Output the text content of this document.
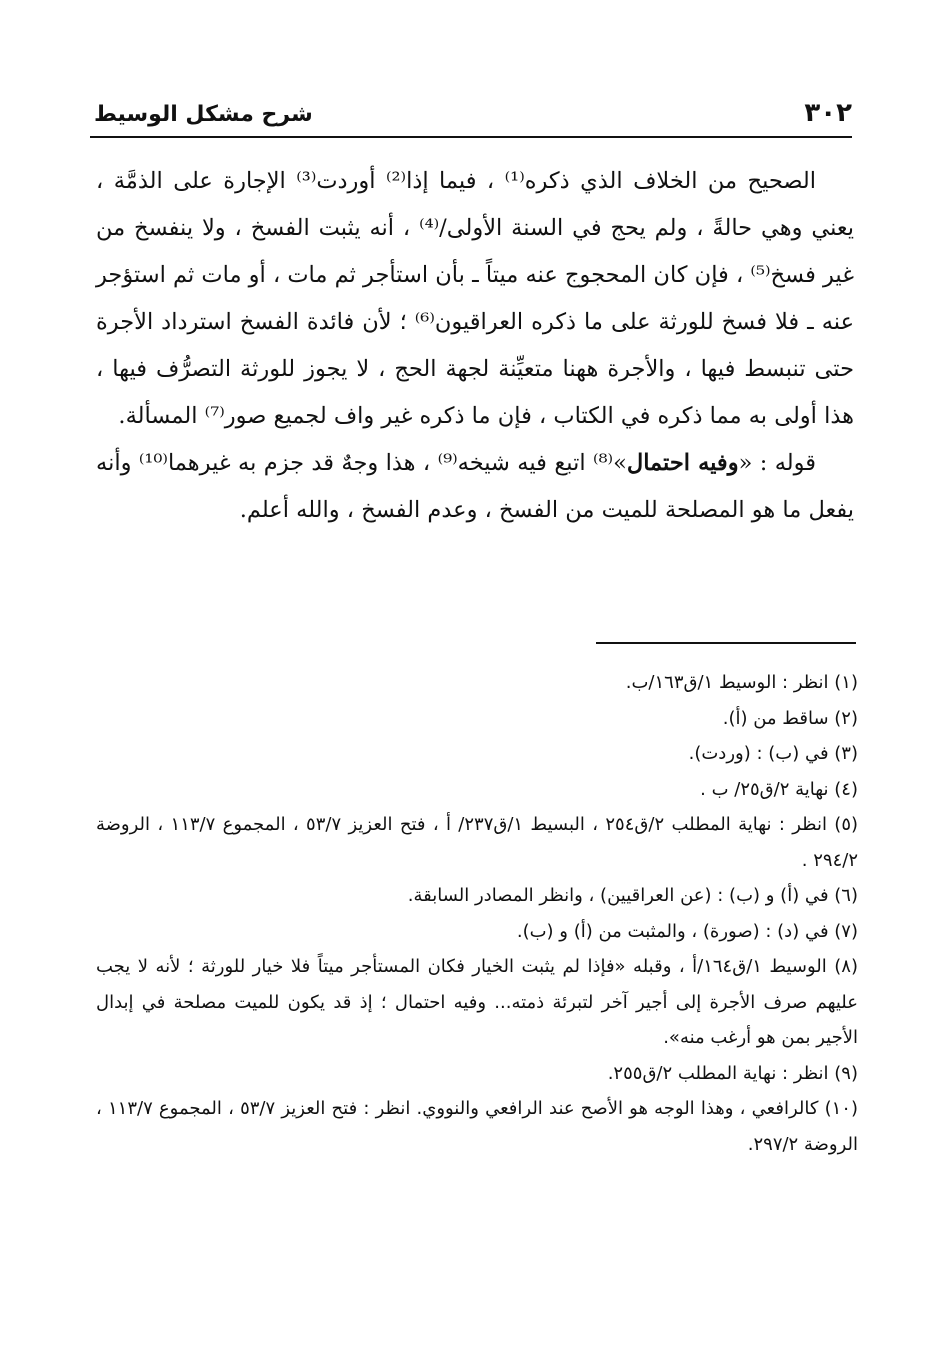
٣٠٢
شرح مشكل الوسيط

الصحيح من الخلاف الذي ذكره⁽¹⁾ ، فيما إذا⁽²⁾ أوردت⁽³⁾ الإجارة على الذمَّة ، يعني وهي حالةً ، ولم يحج في السنة الأولى/⁽⁴⁾ ، أنه يثبت الفسخ ، ولا ينفسخ من غير فسخ⁽⁵⁾ ، فإن كان المحجوج عنه ميتاً ـ بأن استأجر ثم مات ، أو مات ثم استؤجر عنه ـ فلا فسخ للورثة على ما ذكره العراقيون⁽⁶⁾ ؛ لأن فائدة الفسخ استرداد الأجرة حتى تنبسط فيها ، والأجرة ههنا متعيِّنة لجهة الحج ، لا يجوز للورثة التصرُّف فيها ، هذا أولى به مما ذكره في الكتاب ، فإن ما ذكره غير واف لجميع صور⁽⁷⁾ المسألة.

قوله : «وفيه احتمال»⁽⁸⁾ اتبع فيه شيخه⁽⁹⁾ ، هذا وجهٌ قد جزم به غيرهما⁽¹⁰⁾ وأنه يفعل ما هو المصلحة للميت من الفسخ ، وعدم الفسخ ، والله أعلم.

(١) انظر : الوسيط ١/ق١٦٣/ب.

(٢) ساقط من (أ).

(٣) في (ب) : (وردت).

(٤) نهاية ٢/ق٢٥/ ب .

(٥) انظر : نهاية المطلب ٢/ق٢٥٤ ، البسيط ١/ق٢٣٧/ أ ، فتح العزيز ٥٣/٧ ، المجموع ١١٣/٧ ، الروضة ٢٩٤/٢ .

(٦) في (أ) و (ب) : (عن العراقيين) ، وانظر المصادر السابقة.

(٧) في (د) : (صورة) ، والمثبت من (أ) و (ب).

(٨) الوسيط ١/ق١٦٤/أ ، وقبله «فإذا لم يثبت الخيار فكان المستأجر ميتاً فلا خيار للورثة ؛ لأنه لا يجب عليهم صرف الأجرة إلى أجير آخر لتبرئة ذمته... وفيه احتمال ؛ إذ قد يكون للميت مصلحة في إبدال الأجير بمن هو أرغب منه».

(٩) انظر : نهاية المطلب ٢/ق٢٥٥.

(١٠) كالرافعي ، وهذا الوجه هو الأصح عند الرافعي والنووي. انظر : فتح العزيز ٥٣/٧ ، المجموع ١١٣/٧ ، الروضة ٢٩٧/٢.
